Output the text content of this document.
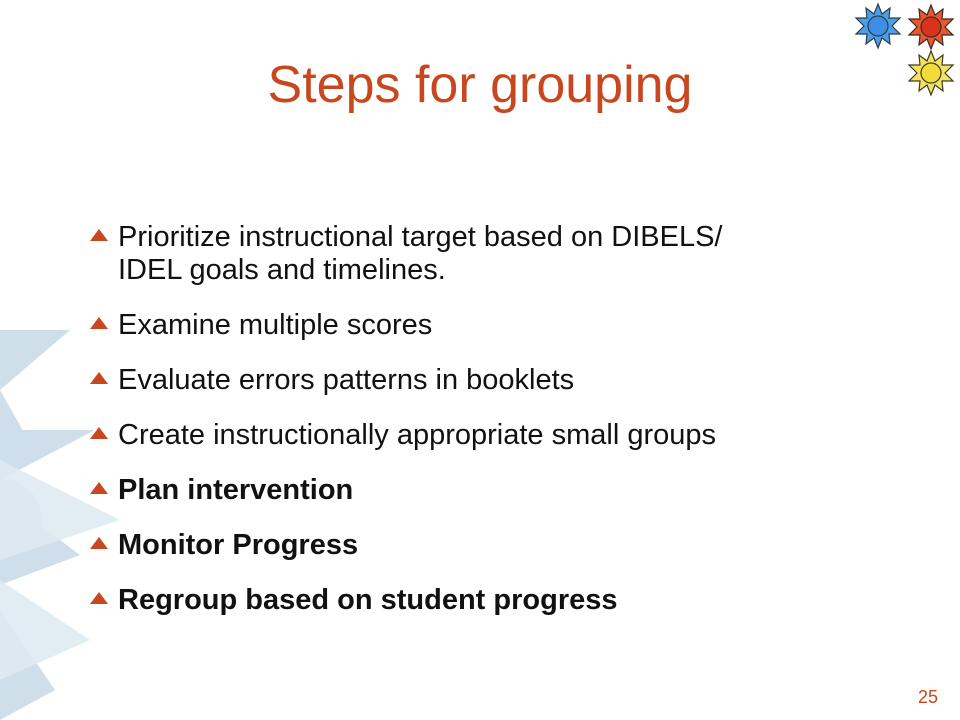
Steps for grouping
Prioritize instructional target based on DIBELS/ IDEL goals and timelines.
Examine multiple scores
Evaluate errors patterns in booklets
Create instructionally appropriate small groups
Plan intervention
Monitor Progress
Regroup based on student progress
25
